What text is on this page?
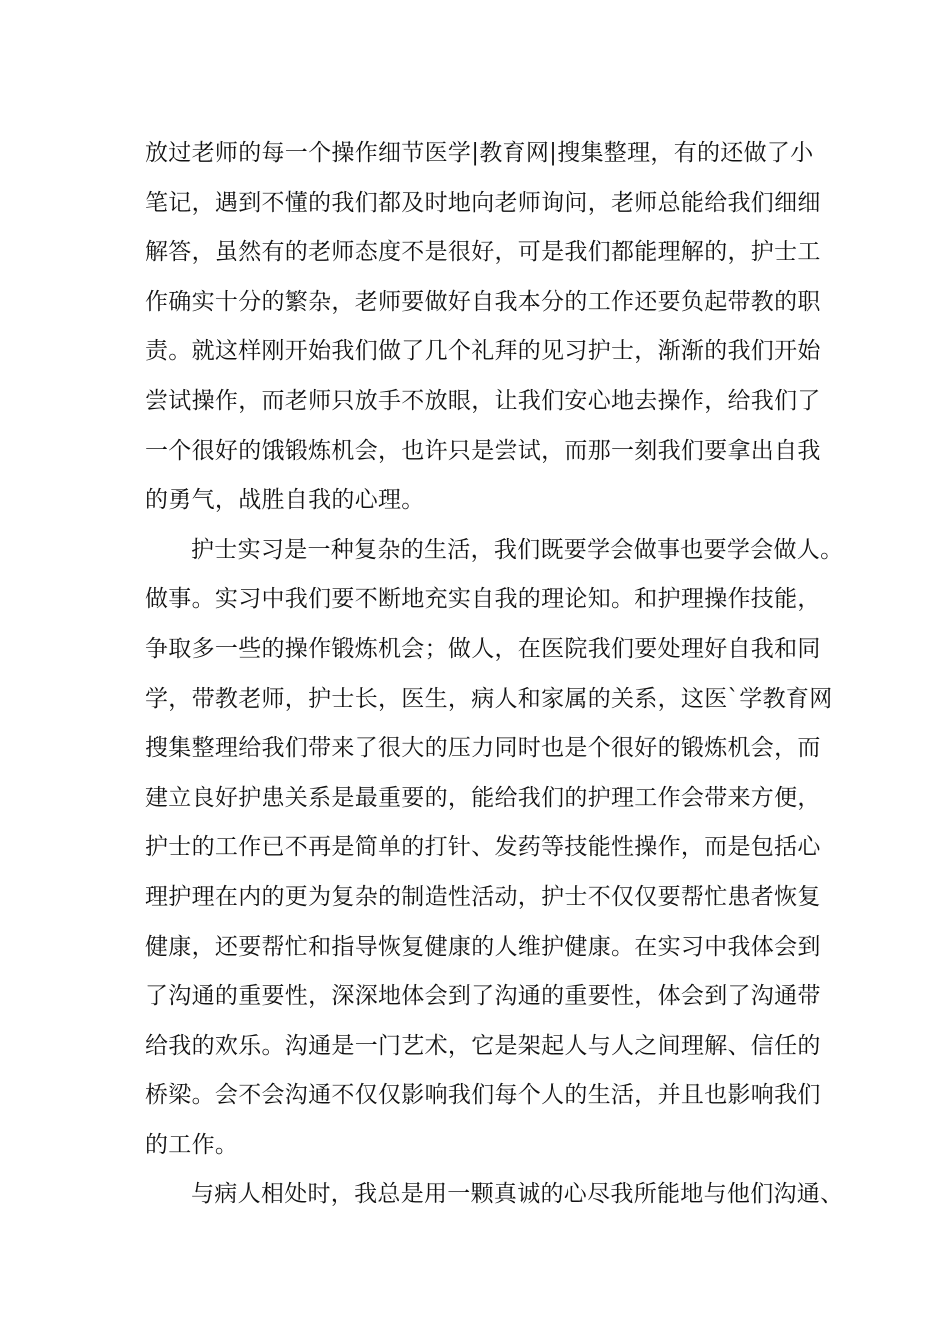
放过老师的每一个操作细节医学|教育网|搜集整理，有的还做了小
笔记，遇到不懂的我们都及时地向老师询问，老师总能给我们细细
解答，虽然有的老师态度不是很好，可是我们都能理解的，护士工
作确实十分的繁杂，老师要做好自我本分的工作还要负起带教的职
责。就这样刚开始我们做了几个礼拜的见习护士，渐渐的我们开始
尝试操作，而老师只放手不放眼，让我们安心地去操作，给我们了
一个很好的饿锻炼机会，也许只是尝试，而那一刻我们要拿出自我
的勇气，战胜自我的心理。
护士实习是一种复杂的生活，我们既要学会做事也要学会做人。
做事。实习中我们要不断地充实自我的理论知。和护理操作技能，
争取多一些的操作锻炼机会；做人，在医院我们要处理好自我和同
学，带教老师，护士长，医生，病人和家属的关系，这医`学教育网
搜集整理给我们带来了很大的压力同时也是个很好的锻炼机会，而
建立良好护患关系是最重要的，能给我们的护理工作会带来方便，
护士的工作已不再是简单的打针、发药等技能性操作，而是包括心
理护理在内的更为复杂的制造性活动，护士不仅仅要帮忙患者恢复
健康，还要帮忙和指导恢复健康的人维护健康。在实习中我体会到
了沟通的重要性，深深地体会到了沟通的重要性，体会到了沟通带
给我的欢乐。沟通是一门艺术，它是架起人与人之间理解、信任的
桥梁。会不会沟通不仅仅影响我们每个人的生活，并且也影响我们
的工作。
与病人相处时，我总是用一颗真诚的心尽我所能地与他们沟通、
